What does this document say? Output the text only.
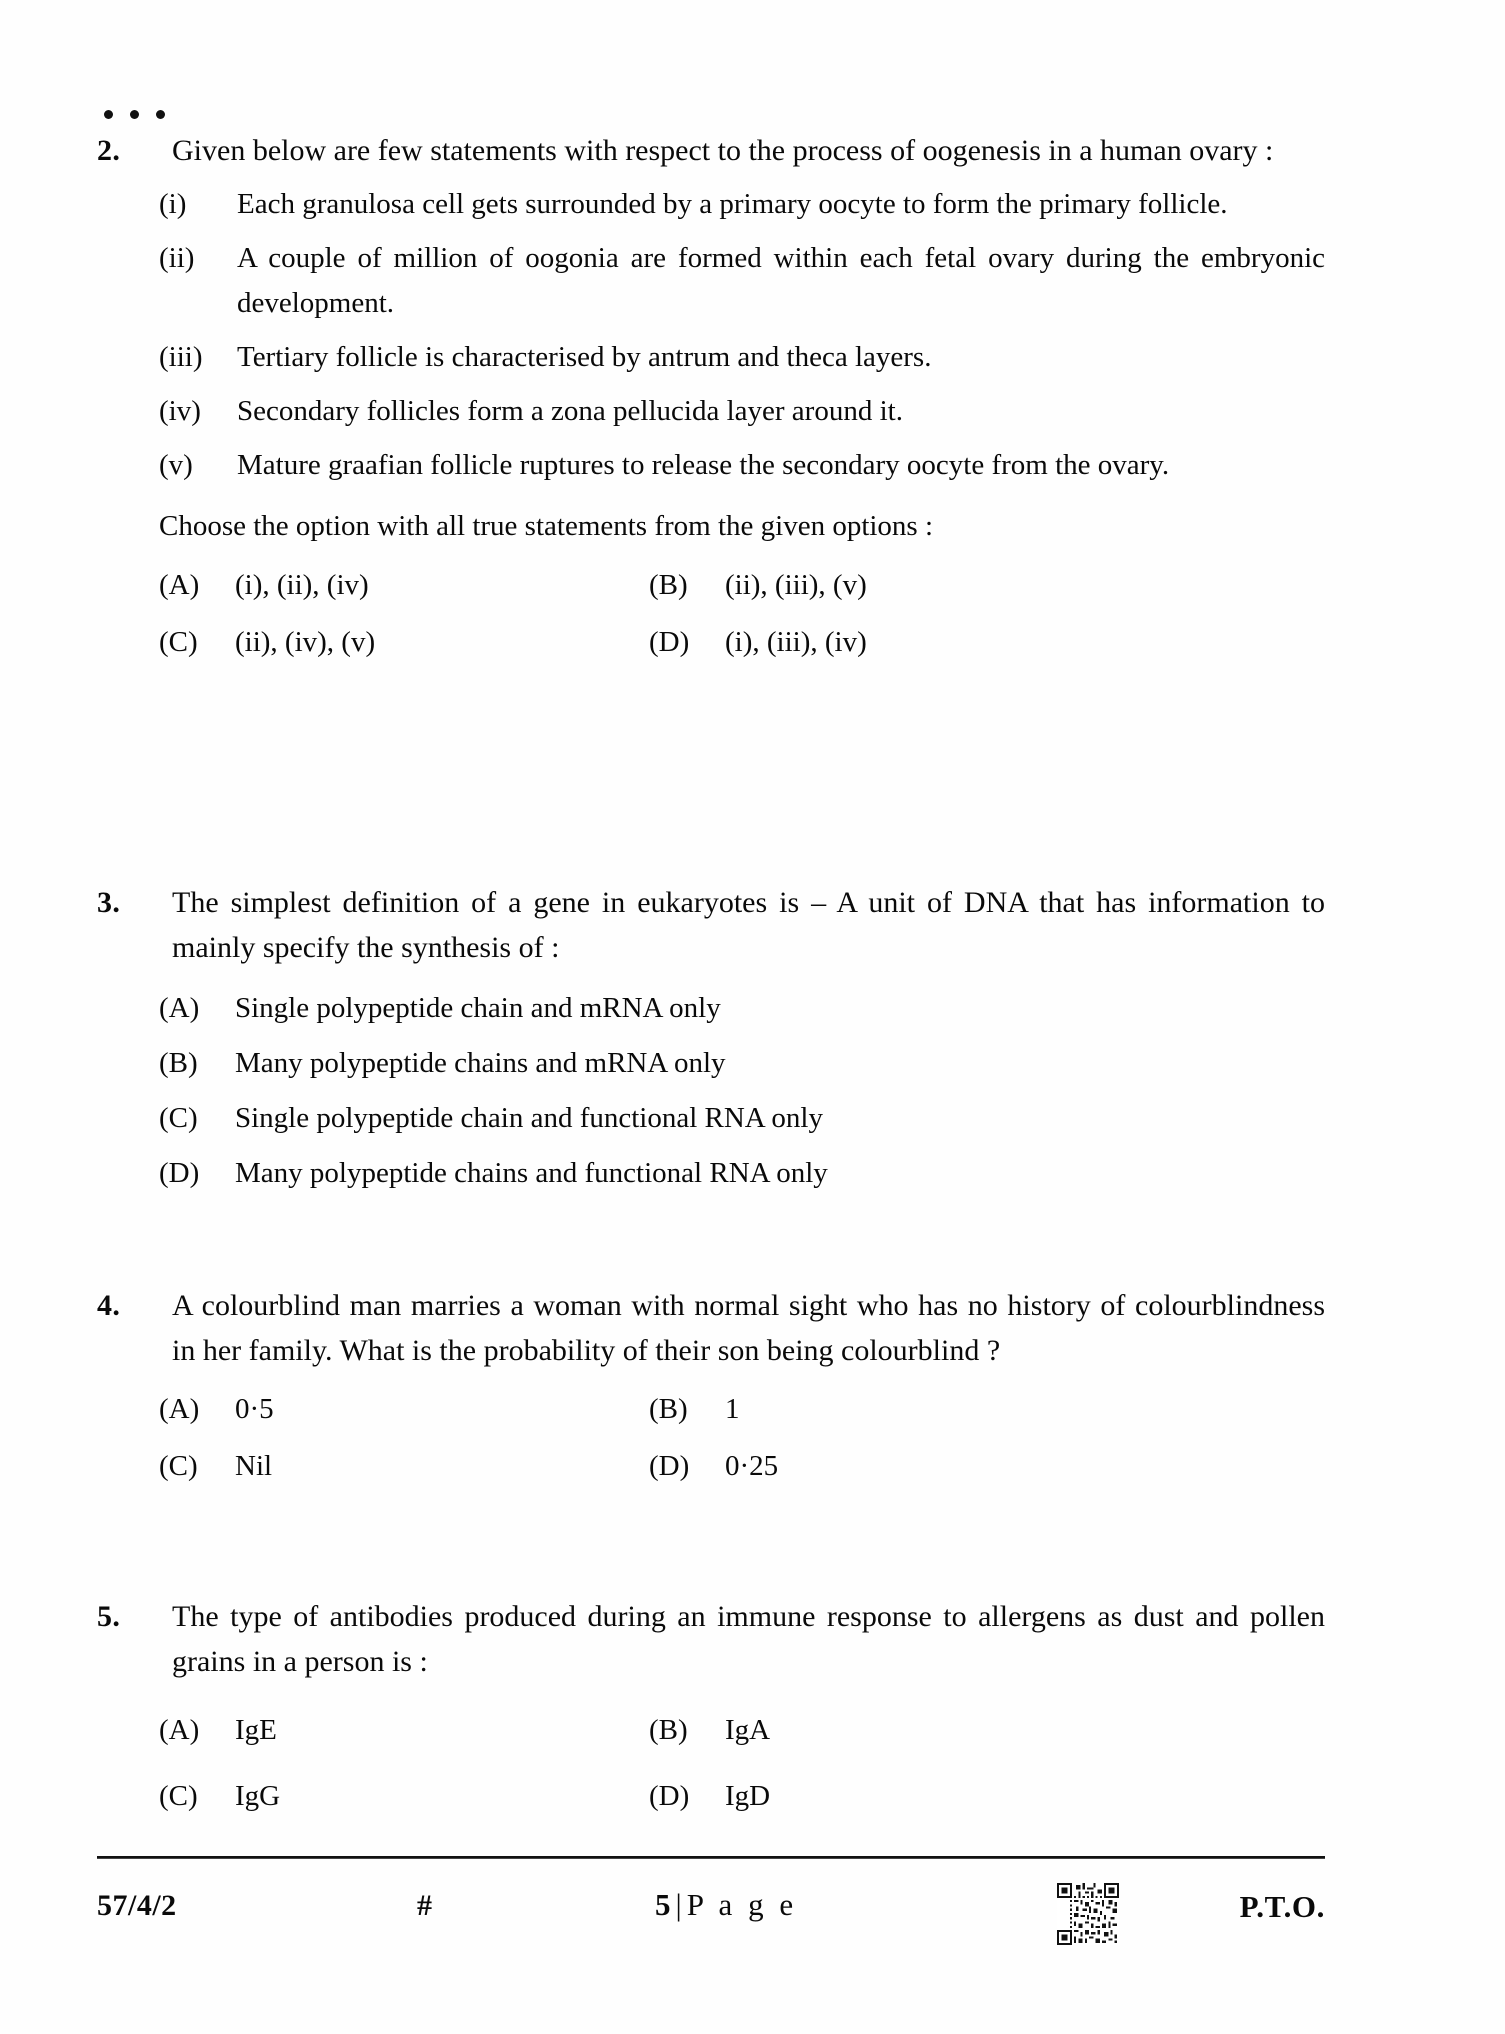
2.	Given below are few statements with respect to the process of oogenesis in a human ovary :
(i)	Each granulosa cell gets surrounded by a primary oocyte to form the primary follicle.
(ii)	A couple of million of oogonia are formed within each fetal ovary during the embryonic development.
(iii)	Tertiary follicle is characterised by antrum and theca layers.
(iv)	Secondary follicles form a zona pellucida layer around it.
(v)	Mature graafian follicle ruptures to release the secondary oocyte from the ovary.
Choose the option with all true statements from the given options :
(A)	(i), (ii), (iv)	(B)	(ii), (iii), (v)
(C)	(ii), (iv), (v)	(D)	(i), (iii), (iv)
3.	The simplest definition of a gene in eukaryotes is – A unit of DNA that has information to mainly specify the synthesis of :
(A)	Single polypeptide chain and mRNA only
(B)	Many polypeptide chains and mRNA only
(C)	Single polypeptide chain and functional RNA only
(D)	Many polypeptide chains and functional RNA only
4.	A colourblind man marries a woman with normal sight who has no history of colourblindness in her family. What is the probability of their son being colourblind ?
(A)	0·5	(B)	1
(C)	Nil	(D)	0·25
5.	The type of antibodies produced during an immune response to allergens as dust and pollen grains in a person is :
(A)	IgE	(B)	IgA
(C)	IgG	(D)	IgD
57/4/2	#	5 | P a g e	P.T.O.
